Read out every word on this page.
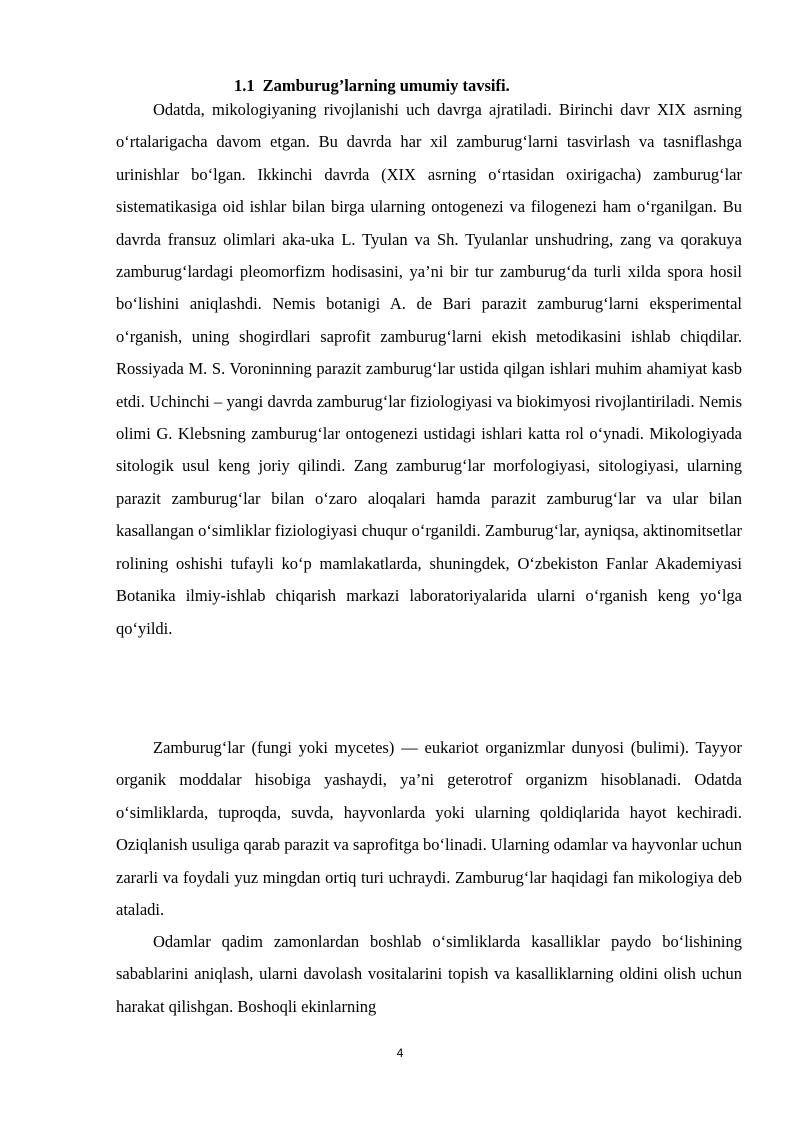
1.1 Zamburug’larning umumiy tavsifi.

Odatda, mikologiyaning rivojlanishi uch davrga ajratiladi. Birinchi davr XIX asrning oʻrtalarigacha davom etgan. Bu davrda har xil zamburugʻlarni tasvirlash va tasniflashga urinishlar boʻlgan. Ikkinchi davrda (XIX asrning oʻrtasidan oxirigacha) zamburugʻlar sistematikasiga oid ishlar bilan birga ularning ontogenezi va filogenezi ham oʻrganilgan. Bu davrda fransuz olimlari aka-uka L. Tyulan va Sh. Tyulanlar unshudring, zang va qorakuya zamburugʻlardagi pleomorfizm hodisasini, ya’ni bir tur zamburugʻda turli xilda spora hosil boʻlishini aniqlashdi. Nemis botanigi A. de Bari parazit zamburugʻlarni eksperimental oʻrganish, uning shogirdlari saprofit zamburugʻlarni ekish metodikasini ishlab chiqdilar. Rossiyada M. S. Voroninning parazit zamburugʻlar ustida qilgan ishlari muhim ahamiyat kasb etdi. Uchinchi – yangi davrda zamburugʻlar fiziologiyasi va biokimyosi rivojlantiriladi. Nemis olimi G. Klebsning zamburugʻlar ontogenezi ustidagi ishlari katta rol oʻynadi. Mikologiyada sitologik usul keng joriy qilindi. Zang zamburugʻlar morfologiyasi, sitologiyasi, ularning parazit zamburugʻlar bilan oʻzaro aloqalari hamda parazit zamburugʻlar va ular bilan kasallangan oʻsimliklar fiziologiyasi chuqur oʻrganildi. Zamburugʻlar, ayniqsa, aktinomitsetlar rolining oshishi tufayli koʻp mamlakatlarda, shuningdek, Oʻzbekiston Fanlar Akademiyasi Botanika ilmiy-ishlab chiqarish markazi laboratoriyalarida ularni oʻrganish keng yoʻlga qoʻyildi.

Zamburugʻlar (fungi yoki mycetes) — eukariot organizmlar dunyosi (bulimi). Tayyor organik moddalar hisobiga yashaydi, ya’ni geterotrof organizm hisoblanadi. Odatda oʻsimliklarda, tuproqda, suvda, hayvonlarda yoki ularning qoldiqlarida hayot kechiradi. Oziqlanish usuliga qarab parazit va saprofitga boʻlinadi. Ularning odamlar va hayvonlar uchun zararli va foydali yuz mingdan ortiq turi uchraydi. Zamburugʻlar haqidagi fan mikologiya deb ataladi.

Odamlar qadim zamonlardan boshlab oʻsimliklarda kasalliklar paydo boʻlishining sabablarini aniqlash, ularni davolash vositalarini topish va kasalliklarning oldini olish uchun harakat qilishgan. Boshoqli ekinlarning

4
